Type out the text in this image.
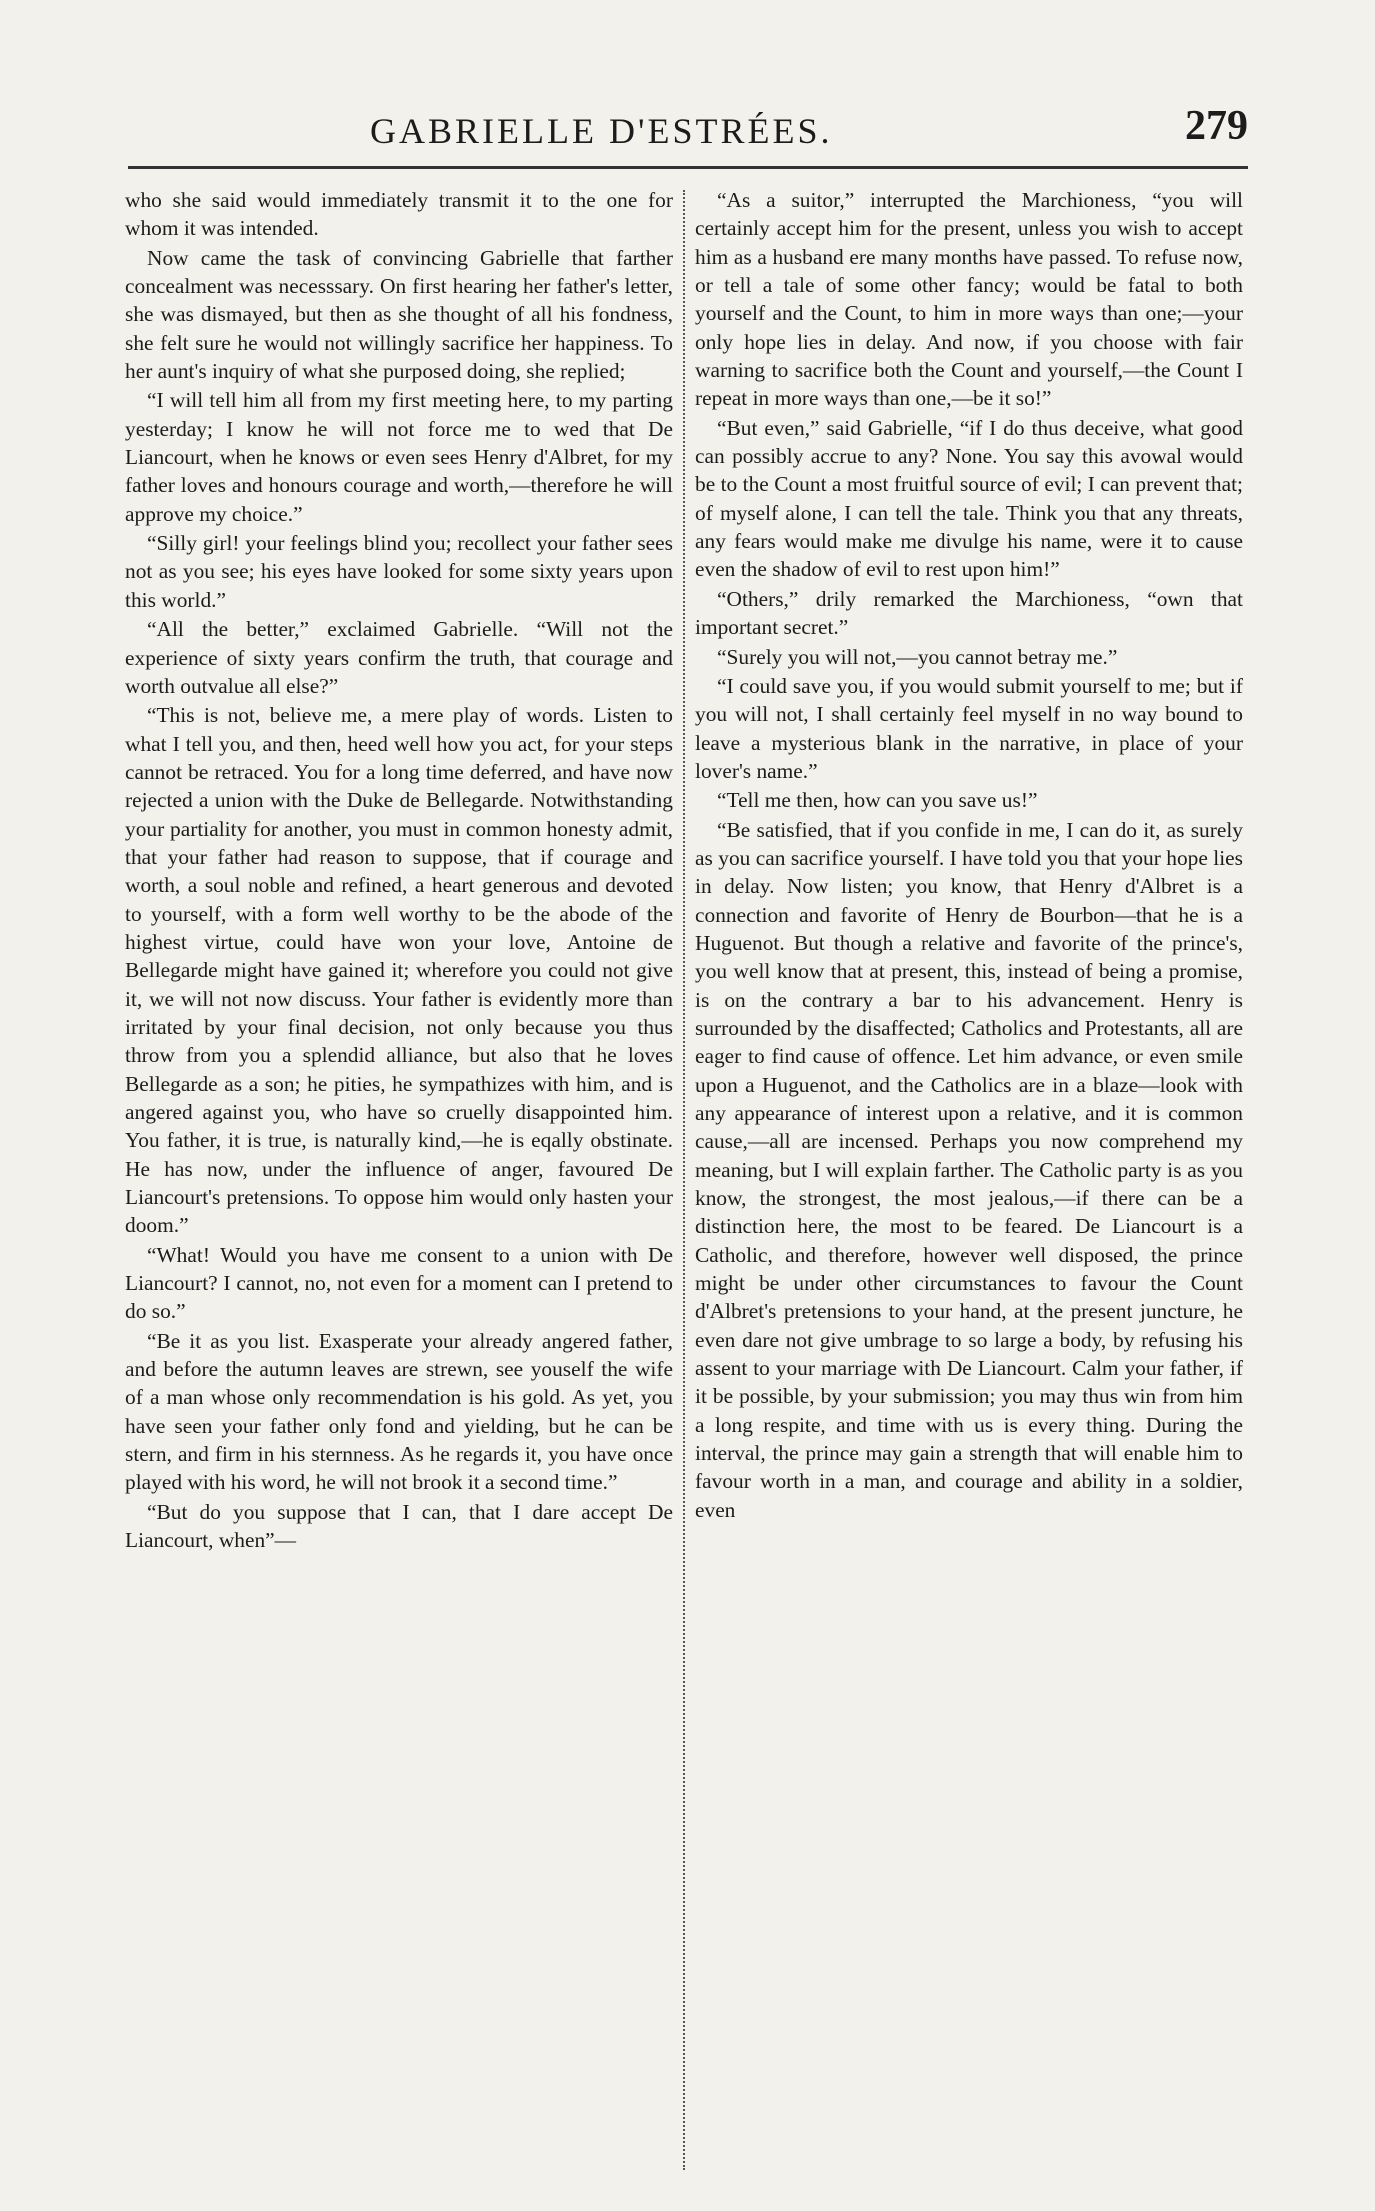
GABRIELLE D'ESTRÉES.	279

who she said would immediately transmit it to the one for whom it was intended.

Now came the task of convincing Gabrielle that farther concealment was necesssary. On first hearing her father's letter, she was dismayed, but then as she thought of all his fondness, she felt sure he would not willingly sacrifice her happiness. To her aunt's inquiry of what she purposed doing, she replied;

“I will tell him all from my first meeting here, to my parting yesterday; I know he will not force me to wed that De Liancourt, when he knows or even sees Henry d'Albret, for my father loves and honours courage and worth,—therefore he will approve my choice.”

“Silly girl! your feelings blind you; recollect your father sees not as you see; his eyes have looked for some sixty years upon this world.”

“All the better,” exclaimed Gabrielle. “Will not the experience of sixty years confirm the truth, that courage and worth outvalue all else?”

“This is not, believe me, a mere play of words. Listen to what I tell you, and then, heed well how you act, for your steps cannot be retraced. You for a long time deferred, and have now rejected a union with the Duke de Bellegarde. Notwithstanding your partiality for another, you must in common honesty admit, that your father had reason to suppose, that if courage and worth, a soul noble and refined, a heart generous and devoted to yourself, with a form well worthy to be the abode of the highest virtue, could have won your love, Antoine de Bellegarde might have gained it; wherefore you could not give it, we will not now discuss. Your father is evidently more than irritated by your final decision, not only because you thus throw from you a splendid alliance, but also that he loves Bellegarde as a son; he pities, he sympathizes with him, and is angered against you, who have so cruelly disappointed him. You father, it is true, is naturally kind,—he is eqally obstinate. He has now, under the influence of anger, favoured De Liancourt's pretensions. To oppose him would only hasten your doom.”

“What! Would you have me consent to a union with De Liancourt? I cannot, no, not even for a moment can I pretend to do so.”

“Be it as you list. Exasperate your already angered father, and before the autumn leaves are strewn, see youself the wife of a man whose only recommendation is his gold. As yet, you have seen your father only fond and yielding, but he can be stern, and firm in his sternness. As he regards it, you have once played with his word, he will not brook it a second time.”

“But do you suppose that I can, that I dare accept De Liancourt, when”—

“As a suitor,” interrupted the Marchioness, “you will certainly accept him for the present, unless you wish to accept him as a husband ere many months have passed. To refuse now, or tell a tale of some other fancy; would be fatal to both yourself and the Count, to him in more ways than one;—your only hope lies in delay. And now, if you choose with fair warning to sacrifice both the Count and yourself,—the Count I repeat in more ways than one,—be it so!”

“But even,” said Gabrielle, “if I do thus deceive, what good can possibly accrue to any? None. You say this avowal would be to the Count a most fruitful source of evil; I can prevent that; of myself alone, I can tell the tale. Think you that any threats, any fears would make me divulge his name, were it to cause even the shadow of evil to rest upon him!”

“Others,” drily remarked the Marchioness, “own that important secret.”

“Surely you will not,—you cannot betray me.”

“I could save you, if you would submit yourself to me; but if you will not, I shall certainly feel myself in no way bound to leave a mysterious blank in the narrative, in place of your lover's name.”

“Tell me then, how can you save us!”

“Be satisfied, that if you confide in me, I can do it, as surely as you can sacrifice yourself. I have told you that your hope lies in delay. Now listen; you know, that Henry d'Albret is a connection and favorite of Henry de Bourbon—that he is a Huguenot. But though a relative and favorite of the prince's, you well know that at present, this, instead of being a promise, is on the contrary a bar to his advancement. Henry is surrounded by the disaffected; Catholics and Protestants, all are eager to find cause of offence. Let him advance, or even smile upon a Huguenot, and the Catholics are in a blaze—look with any appearance of interest upon a relative, and it is common cause,—all are incensed. Perhaps you now comprehend my meaning, but I will explain farther. The Catholic party is as you know, the strongest, the most jealous,—if there can be a distinction here, the most to be feared. De Liancourt is a Catholic, and therefore, however well disposed, the prince might be under other circumstances to favour the Count d'Albret's pretensions to your hand, at the present juncture, he even dare not give umbrage to so large a body, by refusing his assent to your marriage with De Liancourt. Calm your father, if it be possible, by your submission; you may thus win from him a long respite, and time with us is every thing. During the interval, the prince may gain a strength that will enable him to favour worth in a man, and courage and ability in a soldier, even
